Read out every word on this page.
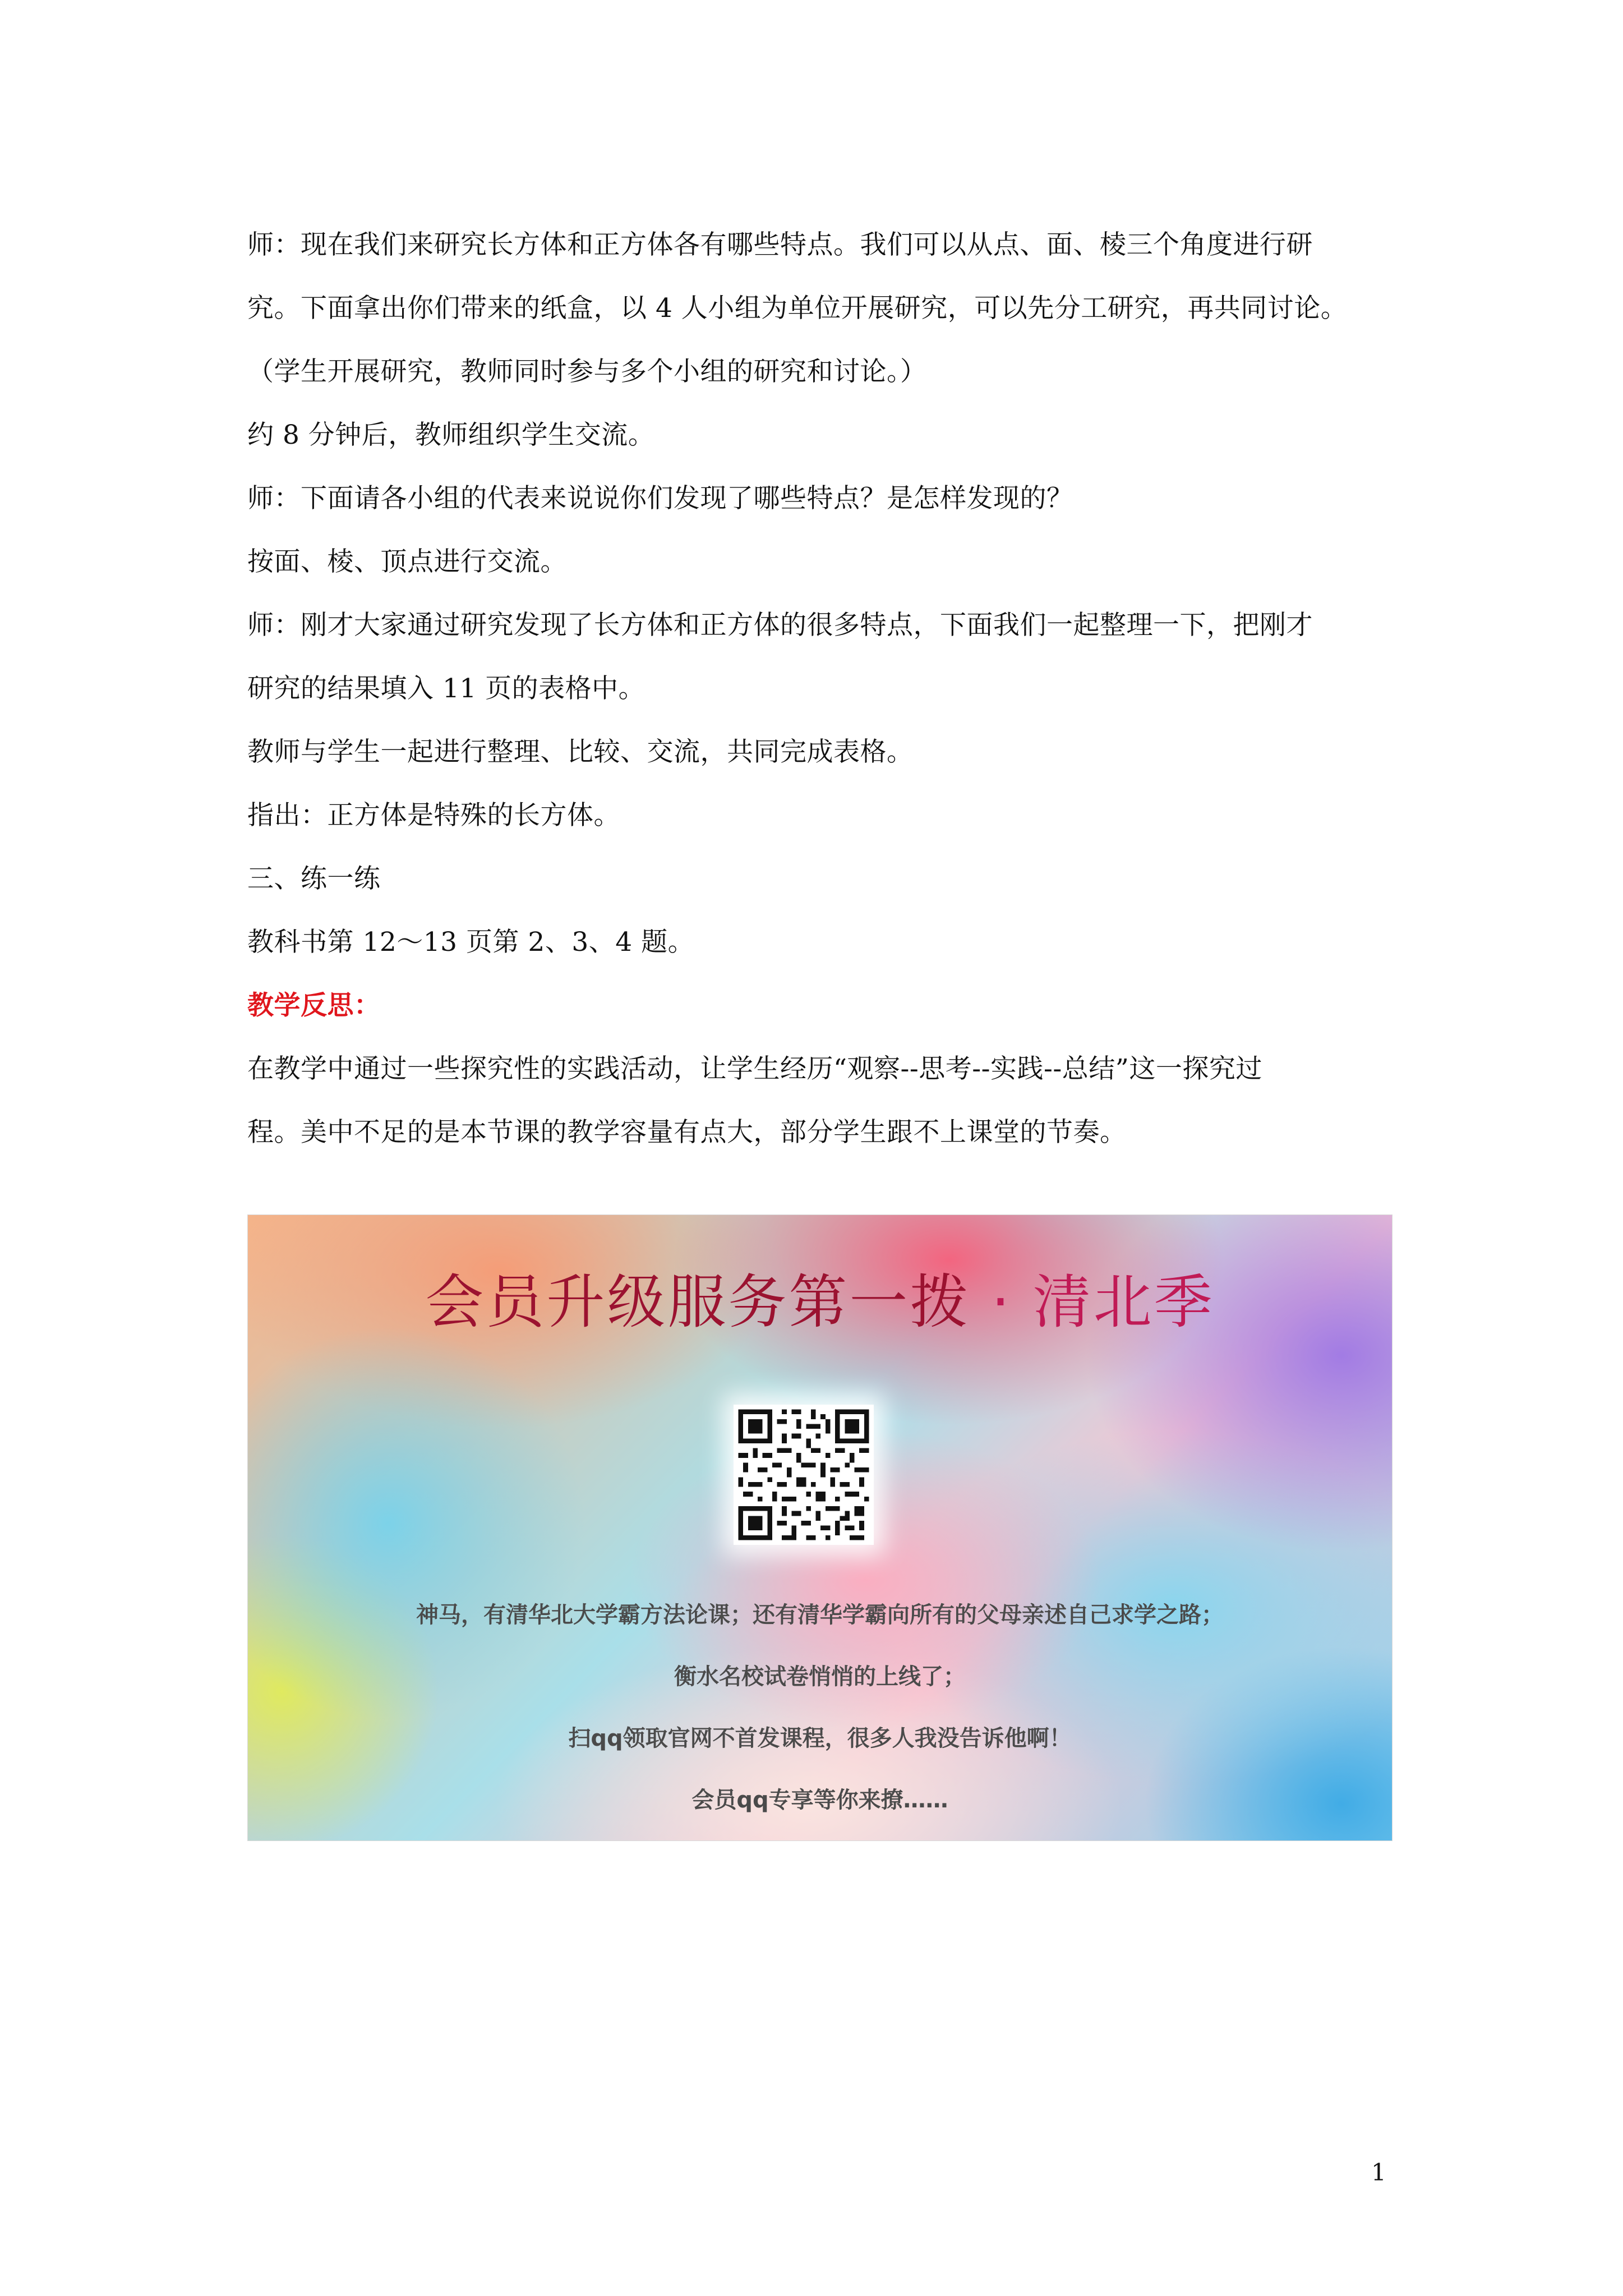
师：现在我们来研究长方体和正方体各有哪些特点。我们可以从点、面、棱三个角度进行研

究。下面拿出你们带来的纸盒，以 4 人小组为单位开展研究，可以先分工研究，再共同讨论。

（学生开展研究，教师同时参与多个小组的研究和讨论。）

约 8 分钟后，教师组织学生交流。

师：下面请各小组的代表来说说你们发现了哪些特点？是怎样发现的？

按面、棱、顶点进行交流。

师：刚才大家通过研究发现了长方体和正方体的很多特点，下面我们一起整理一下，把刚才

研究的结果填入 11 页的表格中。

教师与学生一起进行整理、比较、交流，共同完成表格。

指出：正方体是特殊的长方体。

三、练一练

教科书第 12～13 页第 2、3、4 题。

教学反思：

在教学中通过一些探究性的实践活动，让学生经历“观察--思考--实践--总结”这一探究过

程。美中不足的是本节课的教学容量有点大，部分学生跟不上课堂的节奏。

会员升级服务第一拨 · 清北季
神马，有清华北大学霸方法论课；还有清华学霸向所有的父母亲述自己求学之路；
衡水名校试卷悄悄的上线了；
扫qq领取官网不首发课程，很多人我没告诉他啊！
会员qq专享等你来撩……
1
